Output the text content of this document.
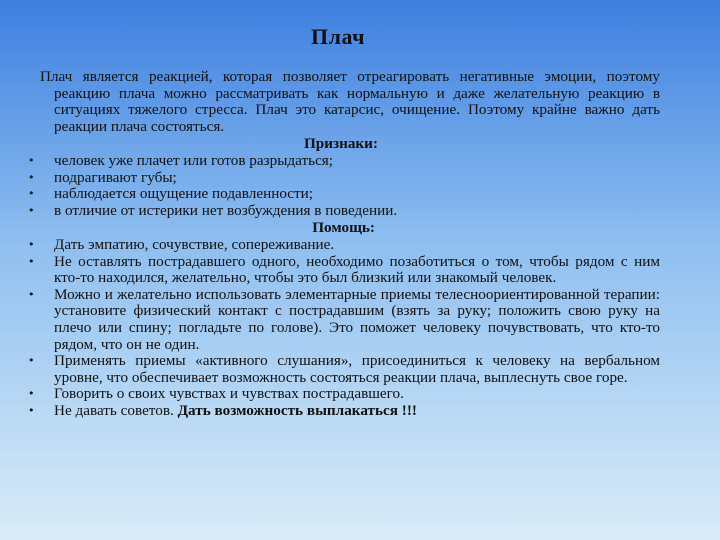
Плач
Плач является реакцией, которая позволяет отреагировать негативные эмоции, поэтому реакцию плача можно рассматривать как нормальную и даже желательную реакцию в ситуациях тяжелого стресса. Плач это катарсис, очищение. Поэтому крайне важно дать реакции плача состояться.
Признаки:
•	человек уже плачет или готов разрыдаться;
•	подрагивают губы;
•	наблюдается ощущение подавленности;
•	в отличие от истерики нет возбуждения в поведении.
Помощь:
•	Дать эмпатию, сочувствие, сопереживание.
•	Не оставлять пострадавшего одного, необходимо позаботиться о том, чтобы рядом с ним кто-то находился, желательно, чтобы это был близкий или знакомый человек.
•	Можно и желательно использовать элементарные приемы телесноориентированной терапии: установите физический контакт с пострадавшим (взять за руку; положить свою руку на плечо или спину; погладьте по голове). Это поможет человеку почувствовать, что кто-то рядом, что он не один.
•	Применять приемы «активного слушания», присоединиться к человеку на вербальном уровне, что обеспечивает возможность состояться реакции плача, выплеснуть свое горе.
•	Говорить о своих чувствах и чувствах пострадавшего.
•	Не давать советов. Дать возможность выплакаться !!!
